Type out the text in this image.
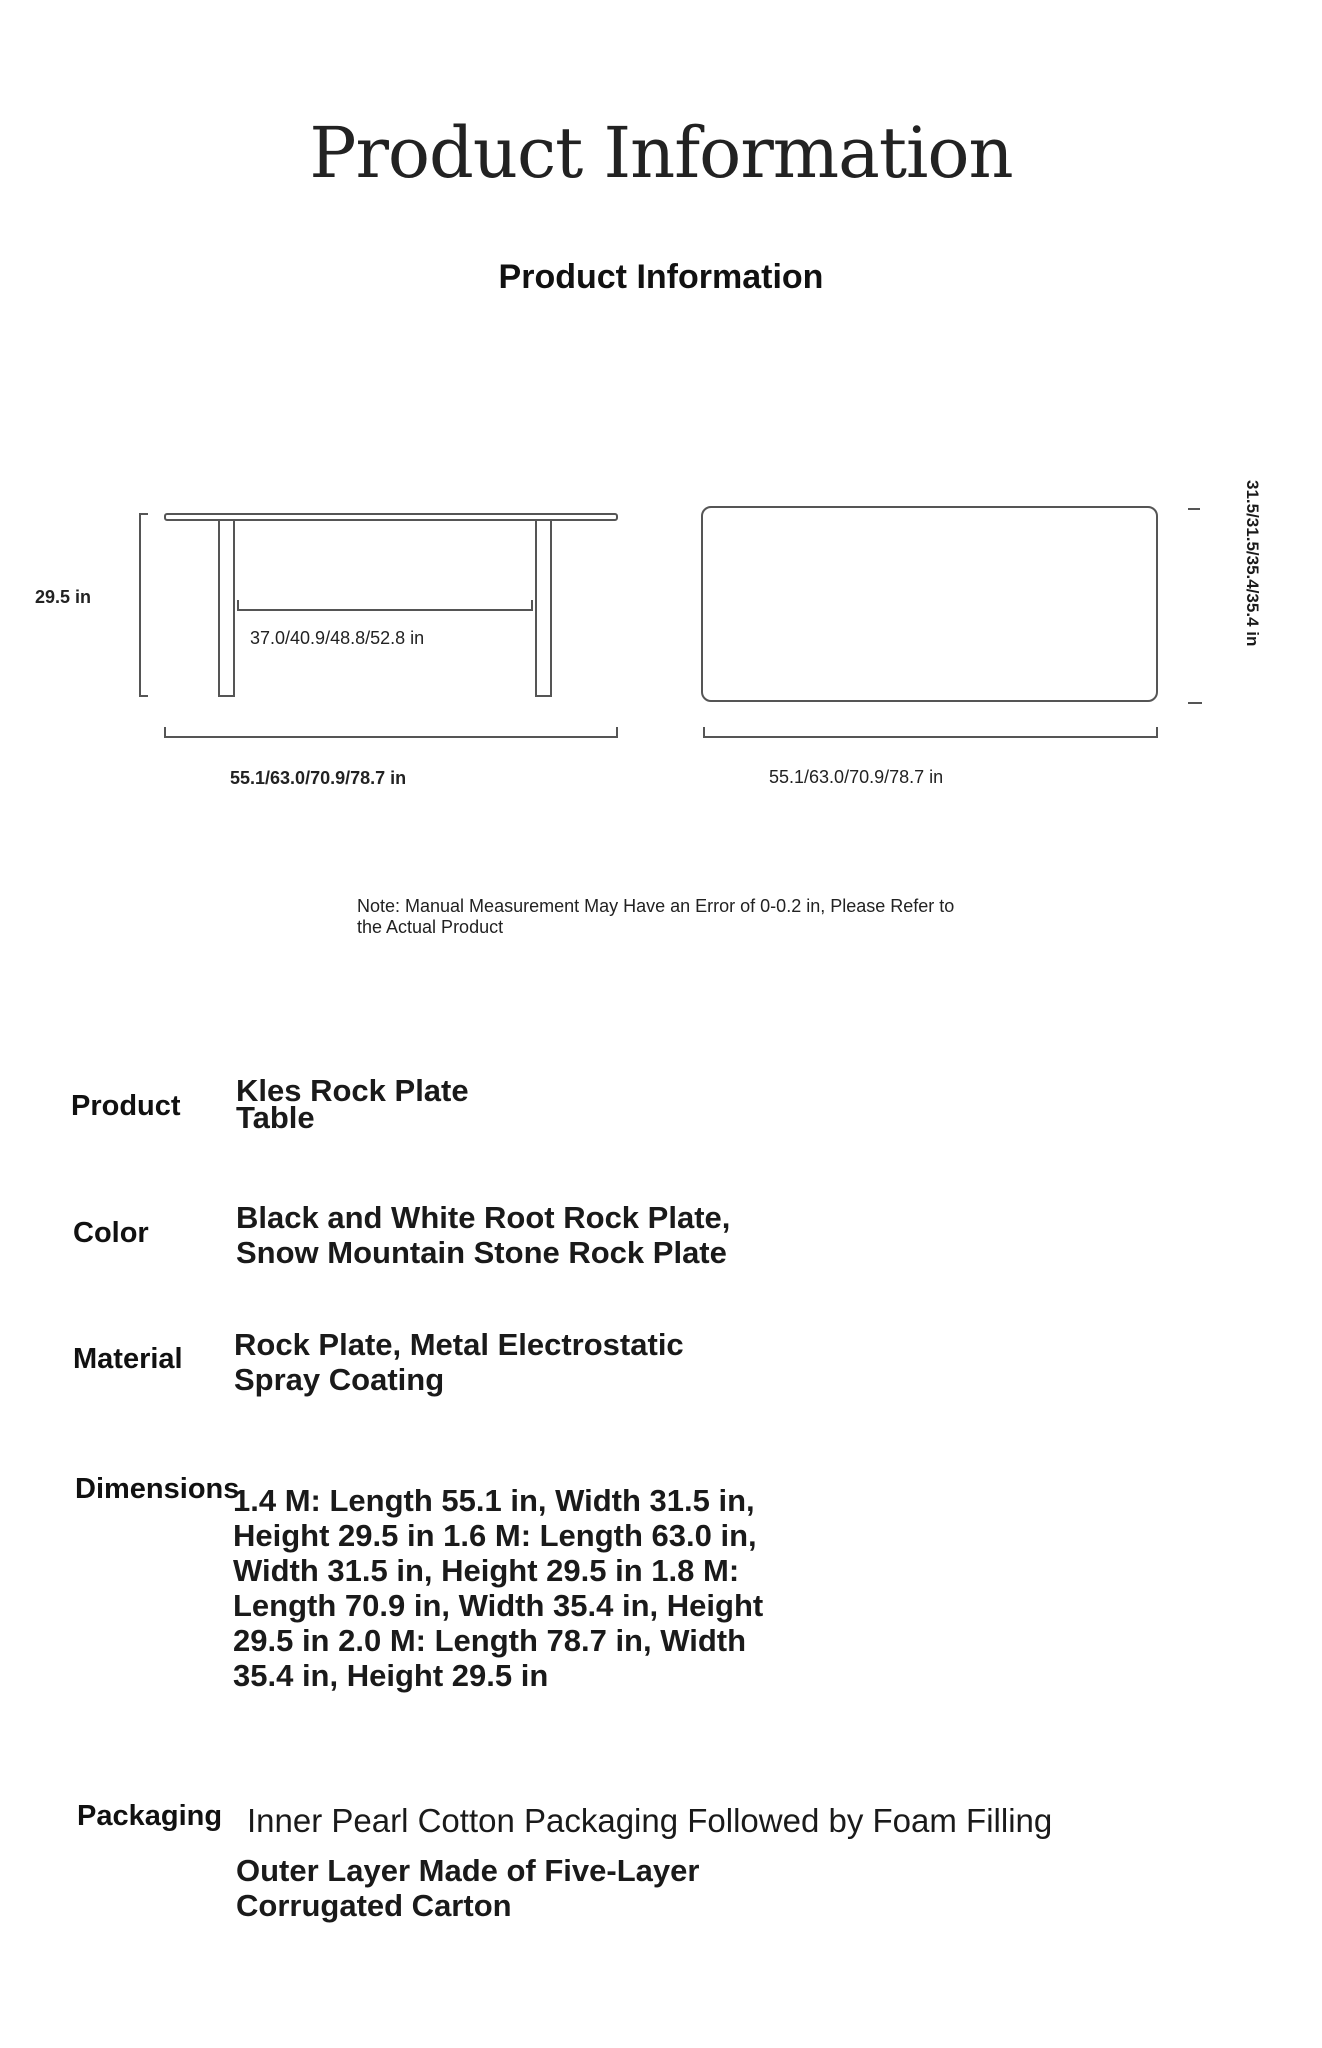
Product Information
Product Information
29.5 in
37.0/40.9/48.8/52.8 in
55.1/63.0/70.9/78.7 in	55.1/63.0/70.9/78.7 in
31.5/31.5/35.4/35.4 in
Note: Manual Measurement May Have an Error of 0-0.2 in, Please Refer to the Actual Product
Product Kles Rock Plate Table
Color	Black and White Root Rock Plate, Snow Mountain Stone Rock Plate
Material Rock Plate, Metal Electrostatic Spray Coating
Dimensions
1.4 M: Length 55.1 in, Width 31.5 in, Height 29.5 in 1.6 M: Length 63.0 in, Width 31.5 in, Height 29.5 in 1.8 M: Length 70.9 in, Width 35.4 in, Height 29.5 in 2.0 M: Length 78.7 in, Width 35.4 in, Height 29.5 in
Packaging Inner Pearl Cotton Packaging Followed by Foam Filling
Outer Layer Made of Five-Layer Corrugated Carton
